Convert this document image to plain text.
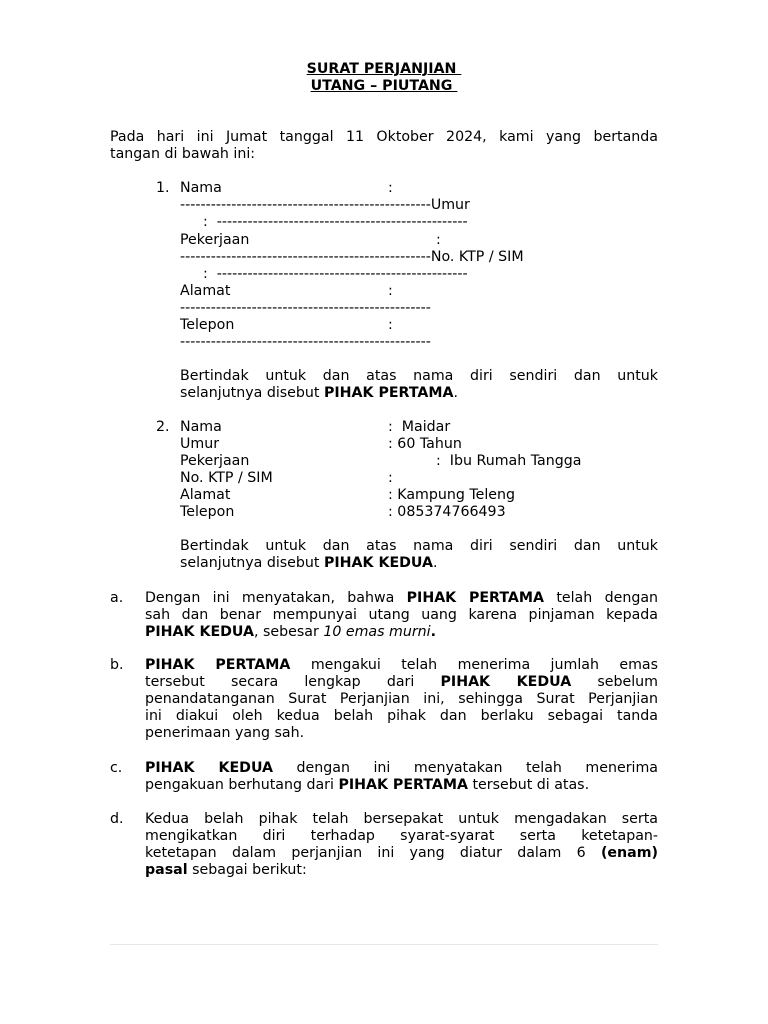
SURAT PERJANJIAN
UTANG – PIUTANG
Pada hari ini Jumat tanggal 11 Oktober 2024, kami yang bertanda
tangan di bawah ini:
1. Nama	:
-------------------------------------------------Umur
:  -------------------------------------------------
Pekerjaan	:
-------------------------------------------------No. KTP / SIM
:  -------------------------------------------------
Alamat	:
-------------------------------------------------
Telepon	:
-------------------------------------------------
Bertindak untuk dan atas nama diri sendiri dan untuk
selanjutnya disebut PIHAK PERTAMA.
2. Nama	:  Maidar
Umur	: 60 Tahun
Pekerjaan	:  Ibu Rumah Tangga
No. KTP / SIM	:
Alamat	: Kampung Teleng
Telepon	: 085374766493
Bertindak untuk dan atas nama diri sendiri dan untuk
selanjutnya disebut PIHAK KEDUA.
a. Dengan ini menyatakan, bahwa PIHAK PERTAMA telah dengan
sah dan benar mempunyai utang uang karena pinjaman kepada
PIHAK KEDUA, sebesar 10 emas murni.
b. PIHAK PERTAMA mengakui telah menerima jumlah emas
tersebut secara lengkap dari PIHAK KEDUA sebelum
penandatanganan Surat Perjanjian ini, sehingga Surat Perjanjian
ini diakui oleh kedua belah pihak dan berlaku sebagai tanda
penerimaan yang sah.
c. PIHAK KEDUA dengan ini menyatakan telah menerima
pengakuan berhutang dari PIHAK PERTAMA tersebut di atas.
d. Kedua belah pihak telah bersepakat untuk mengadakan serta
mengikatkan diri terhadap syarat-syarat serta ketetapan-
ketetapan dalam perjanjian ini yang diatur dalam 6 (enam)
pasal sebagai berikut:
